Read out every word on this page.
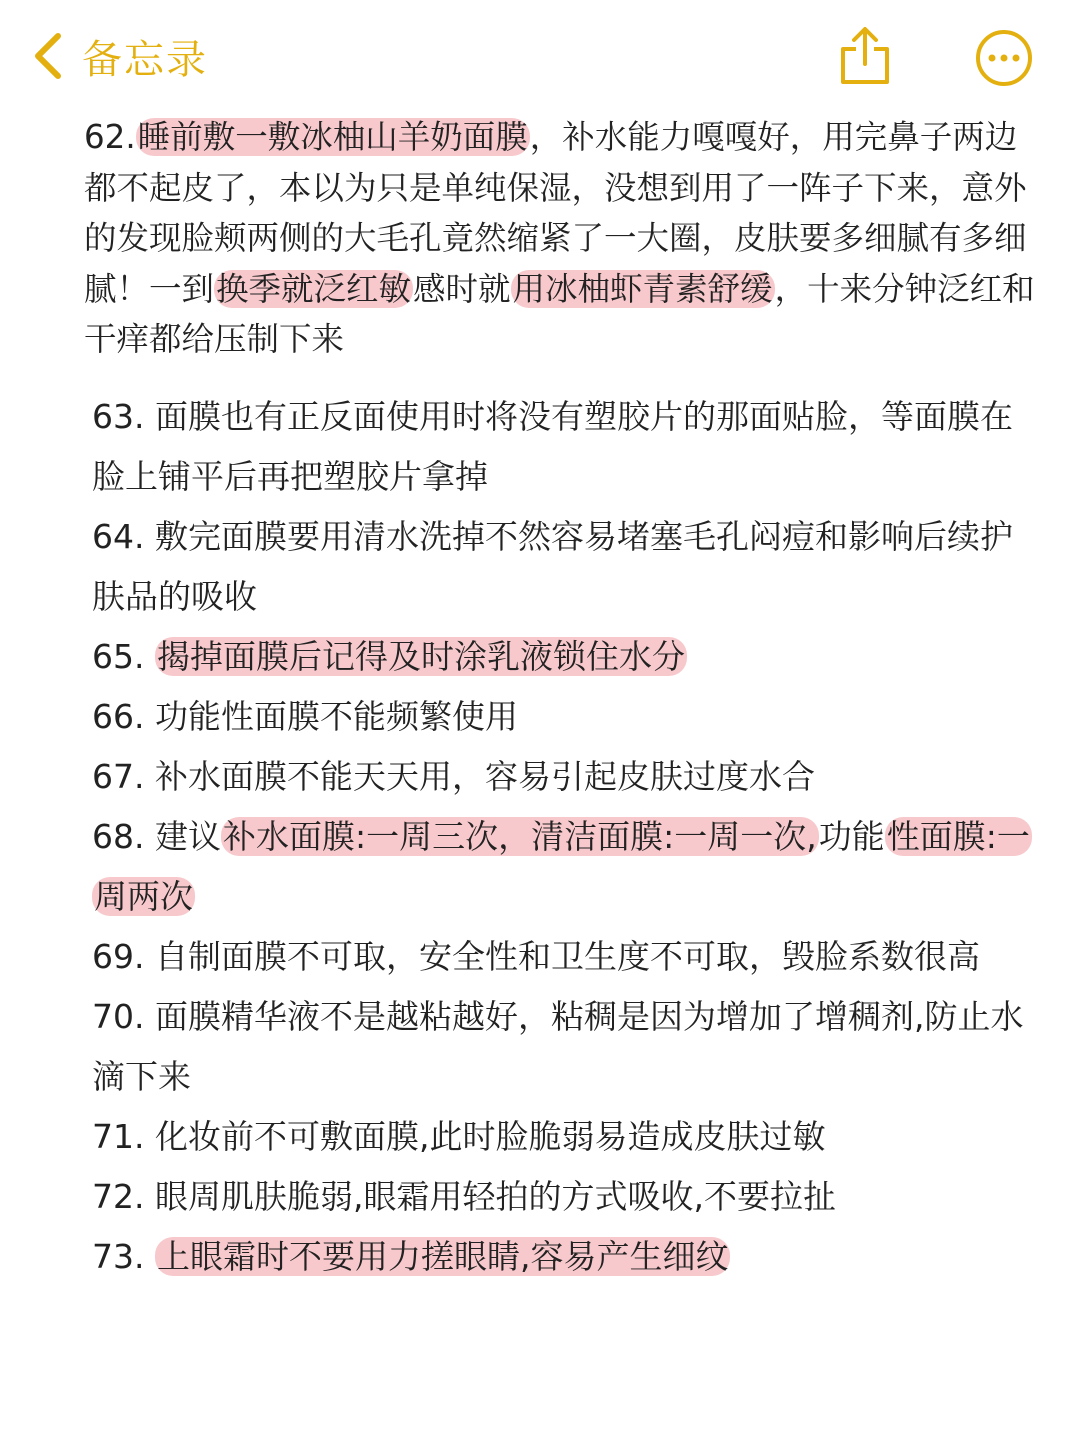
备忘录

62.睡前敷一敷冰柚山羊奶面膜，补水能力嘎嘎好，用完鼻子两边都不起皮了，本以为只是单纯保湿，没想到用了一阵子下来，意外的发现脸颊两侧的大毛孔竟然缩紧了一大圈，皮肤要多细腻有多细腻！一到换季就泛红敏感时就用冰柚虾青素舒缓，十来分钟泛红和干痒都给压制下来

63. 面膜也有正反面使用时将没有塑胶片的那面贴脸，等面膜在脸上铺平后再把塑胶片拿掉
64. 敷完面膜要用清水洗掉不然容易堵塞毛孔闷痘和影响后续护肤品的吸收
65. 揭掉面膜后记得及时涂乳液锁住水分
66. 功能性面膜不能频繁使用
67. 补水面膜不能天天用，容易引起皮肤过度水合
68. 建议补水面膜:一周三次，清洁面膜:一周一次,功能性面膜:一周两次
69. 自制面膜不可取，安全性和卫生度不可取，毁脸系数很高
70. 面膜精华液不是越粘越好，粘稠是因为增加了增稠剂,防止水滴下来
71. 化妆前不可敷面膜,此时脸脆弱易造成皮肤过敏
72. 眼周肌肤脆弱,眼霜用轻拍的方式吸收,不要拉扯
73. 上眼霜时不要用力搓眼睛,容易产生细纹
